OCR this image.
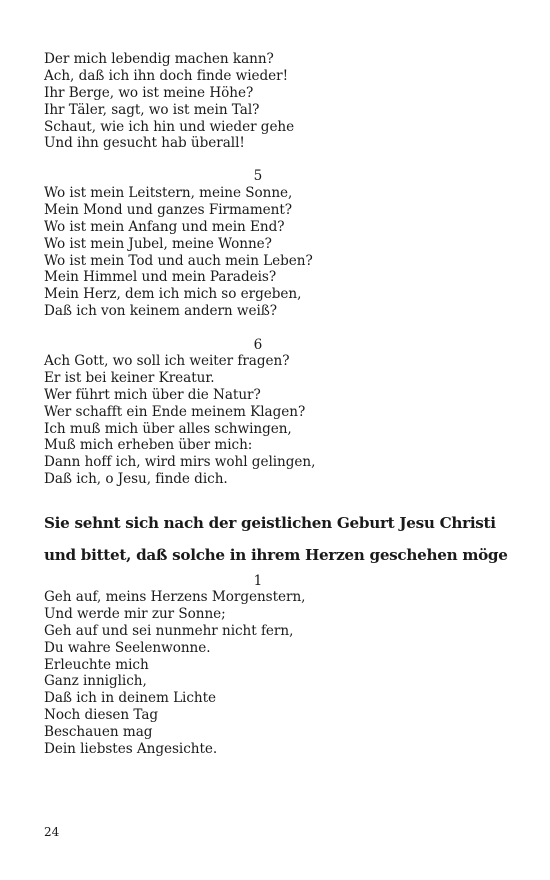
Der mich lebendig machen kann?
Ach, daß ich ihn doch finde wieder!
Ihr Berge, wo ist meine Höhe?
Ihr Täler, sagt, wo ist mein Tal?
Schaut, wie ich hin und wieder gehe
Und ihn gesucht hab überall!
5
Wo ist mein Leitstern, meine Sonne,
Mein Mond und ganzes Firmament?
Wo ist mein Anfang und mein End?
Wo ist mein Jubel, meine Wonne?
Wo ist mein Tod und auch mein Leben?
Mein Himmel und mein Paradeis?
Mein Herz, dem ich mich so ergeben,
Daß ich von keinem andern weiß?
6
Ach Gott, wo soll ich weiter fragen?
Er ist bei keiner Kreatur.
Wer führt mich über die Natur?
Wer schafft ein Ende meinem Klagen?
Ich muß mich über alles schwingen,
Muß mich erheben über mich:
Dann hoff ich, wird mirs wohl gelingen,
Daß ich, o Jesu, finde dich.
Sie sehnt sich nach der geistlichen Geburt Jesu Christi
und bittet, daß solche in ihrem Herzen geschehen möge
1
Geh auf, meins Herzens Morgenstern,
Und werde mir zur Sonne;
Geh auf und sei nunmehr nicht fern,
Du wahre Seelenwonne.
Erleuchte mich
Ganz inniglich,
Daß ich in deinem Lichte
Noch diesen Tag
Beschauen mag
Dein liebstes Angesichte.
24
